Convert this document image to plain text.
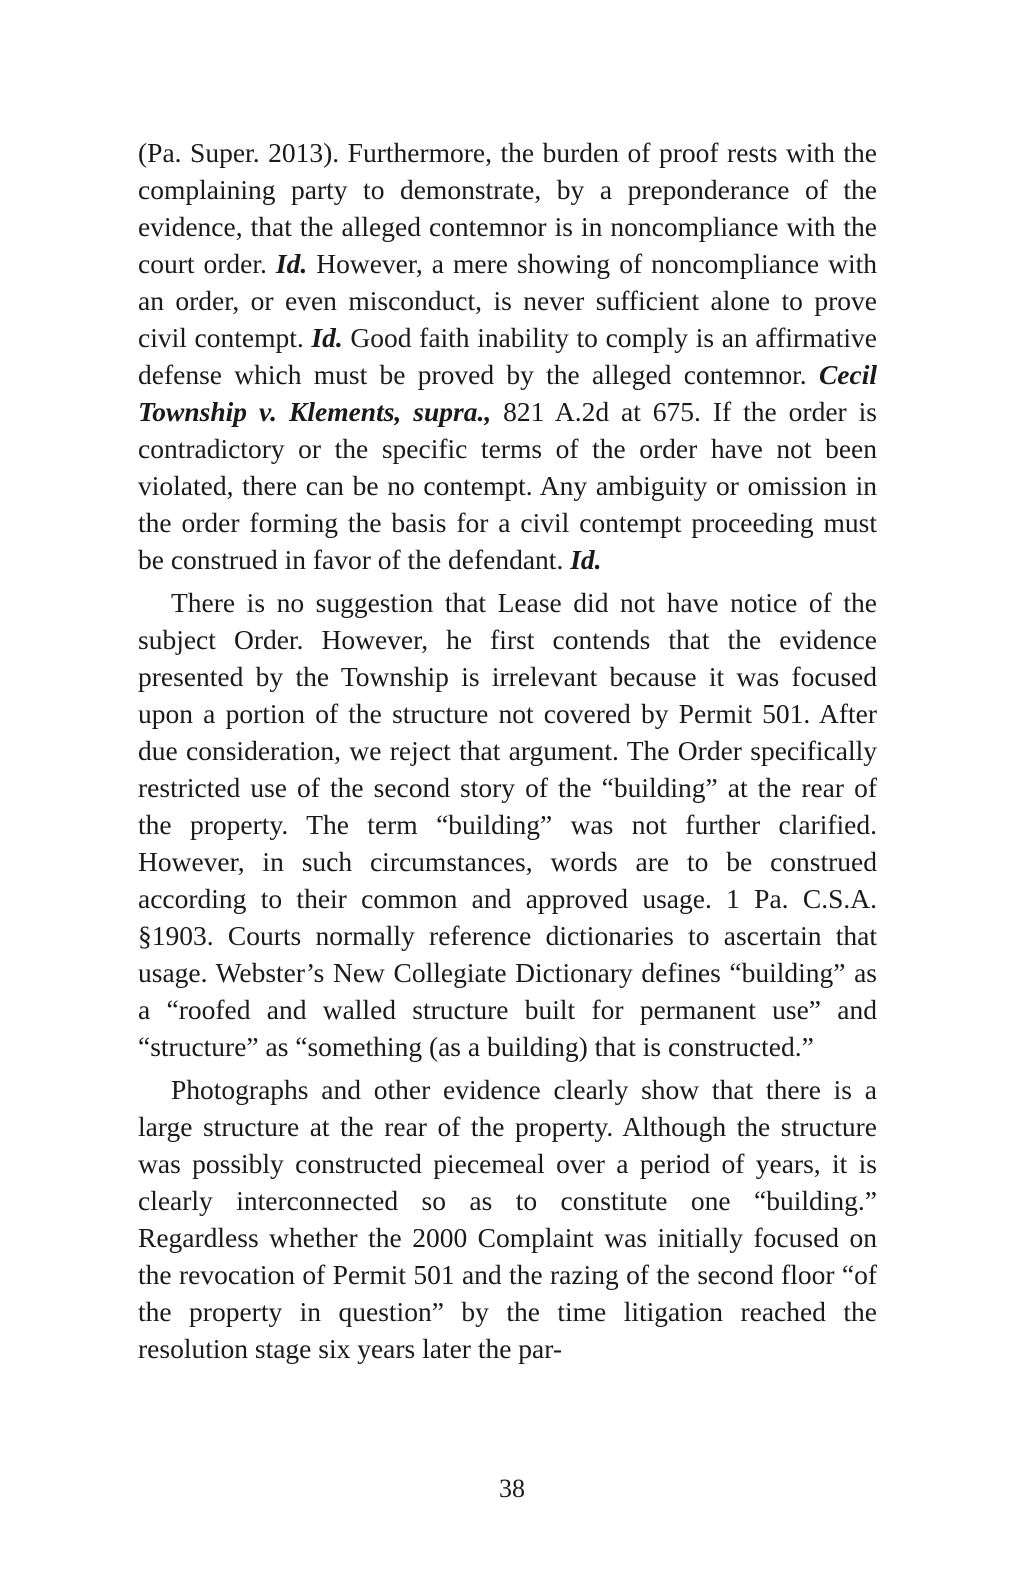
(Pa. Super. 2013). Furthermore, the burden of proof rests with the complaining party to demonstrate, by a preponderance of the evidence, that the alleged contemnor is in noncompliance with the court order. Id. However, a mere showing of noncompliance with an order, or even misconduct, is never sufficient alone to prove civil contempt. Id. Good faith inability to comply is an affirmative defense which must be proved by the alleged contemnor. Cecil Township v. Klements, supra., 821 A.2d at 675. If the order is contradictory or the specific terms of the order have not been violated, there can be no contempt. Any ambiguity or omission in the order forming the basis for a civil contempt proceeding must be construed in favor of the defendant. Id.

There is no suggestion that Lease did not have notice of the subject Order. However, he first contends that the evidence presented by the Township is irrelevant because it was focused upon a portion of the structure not covered by Permit 501. After due consideration, we reject that argument. The Order specifically restricted use of the second story of the “building” at the rear of the property. The term “building” was not further clarified. However, in such circumstances, words are to be construed according to their common and approved usage. 1 Pa. C.S.A. §1903. Courts normally reference dictionaries to ascertain that usage. Webster’s New Collegiate Dictionary defines “building” as a “roofed and walled structure built for permanent use” and “structure” as “something (as a building) that is constructed.”

Photographs and other evidence clearly show that there is a large structure at the rear of the property. Although the structure was possibly constructed piecemeal over a period of years, it is clearly interconnected so as to constitute one “building.” Regardless whether the 2000 Complaint was initially focused on the revocation of Permit 501 and the razing of the second floor “of the property in question” by the time litigation reached the resolution stage six years later the par-

38
